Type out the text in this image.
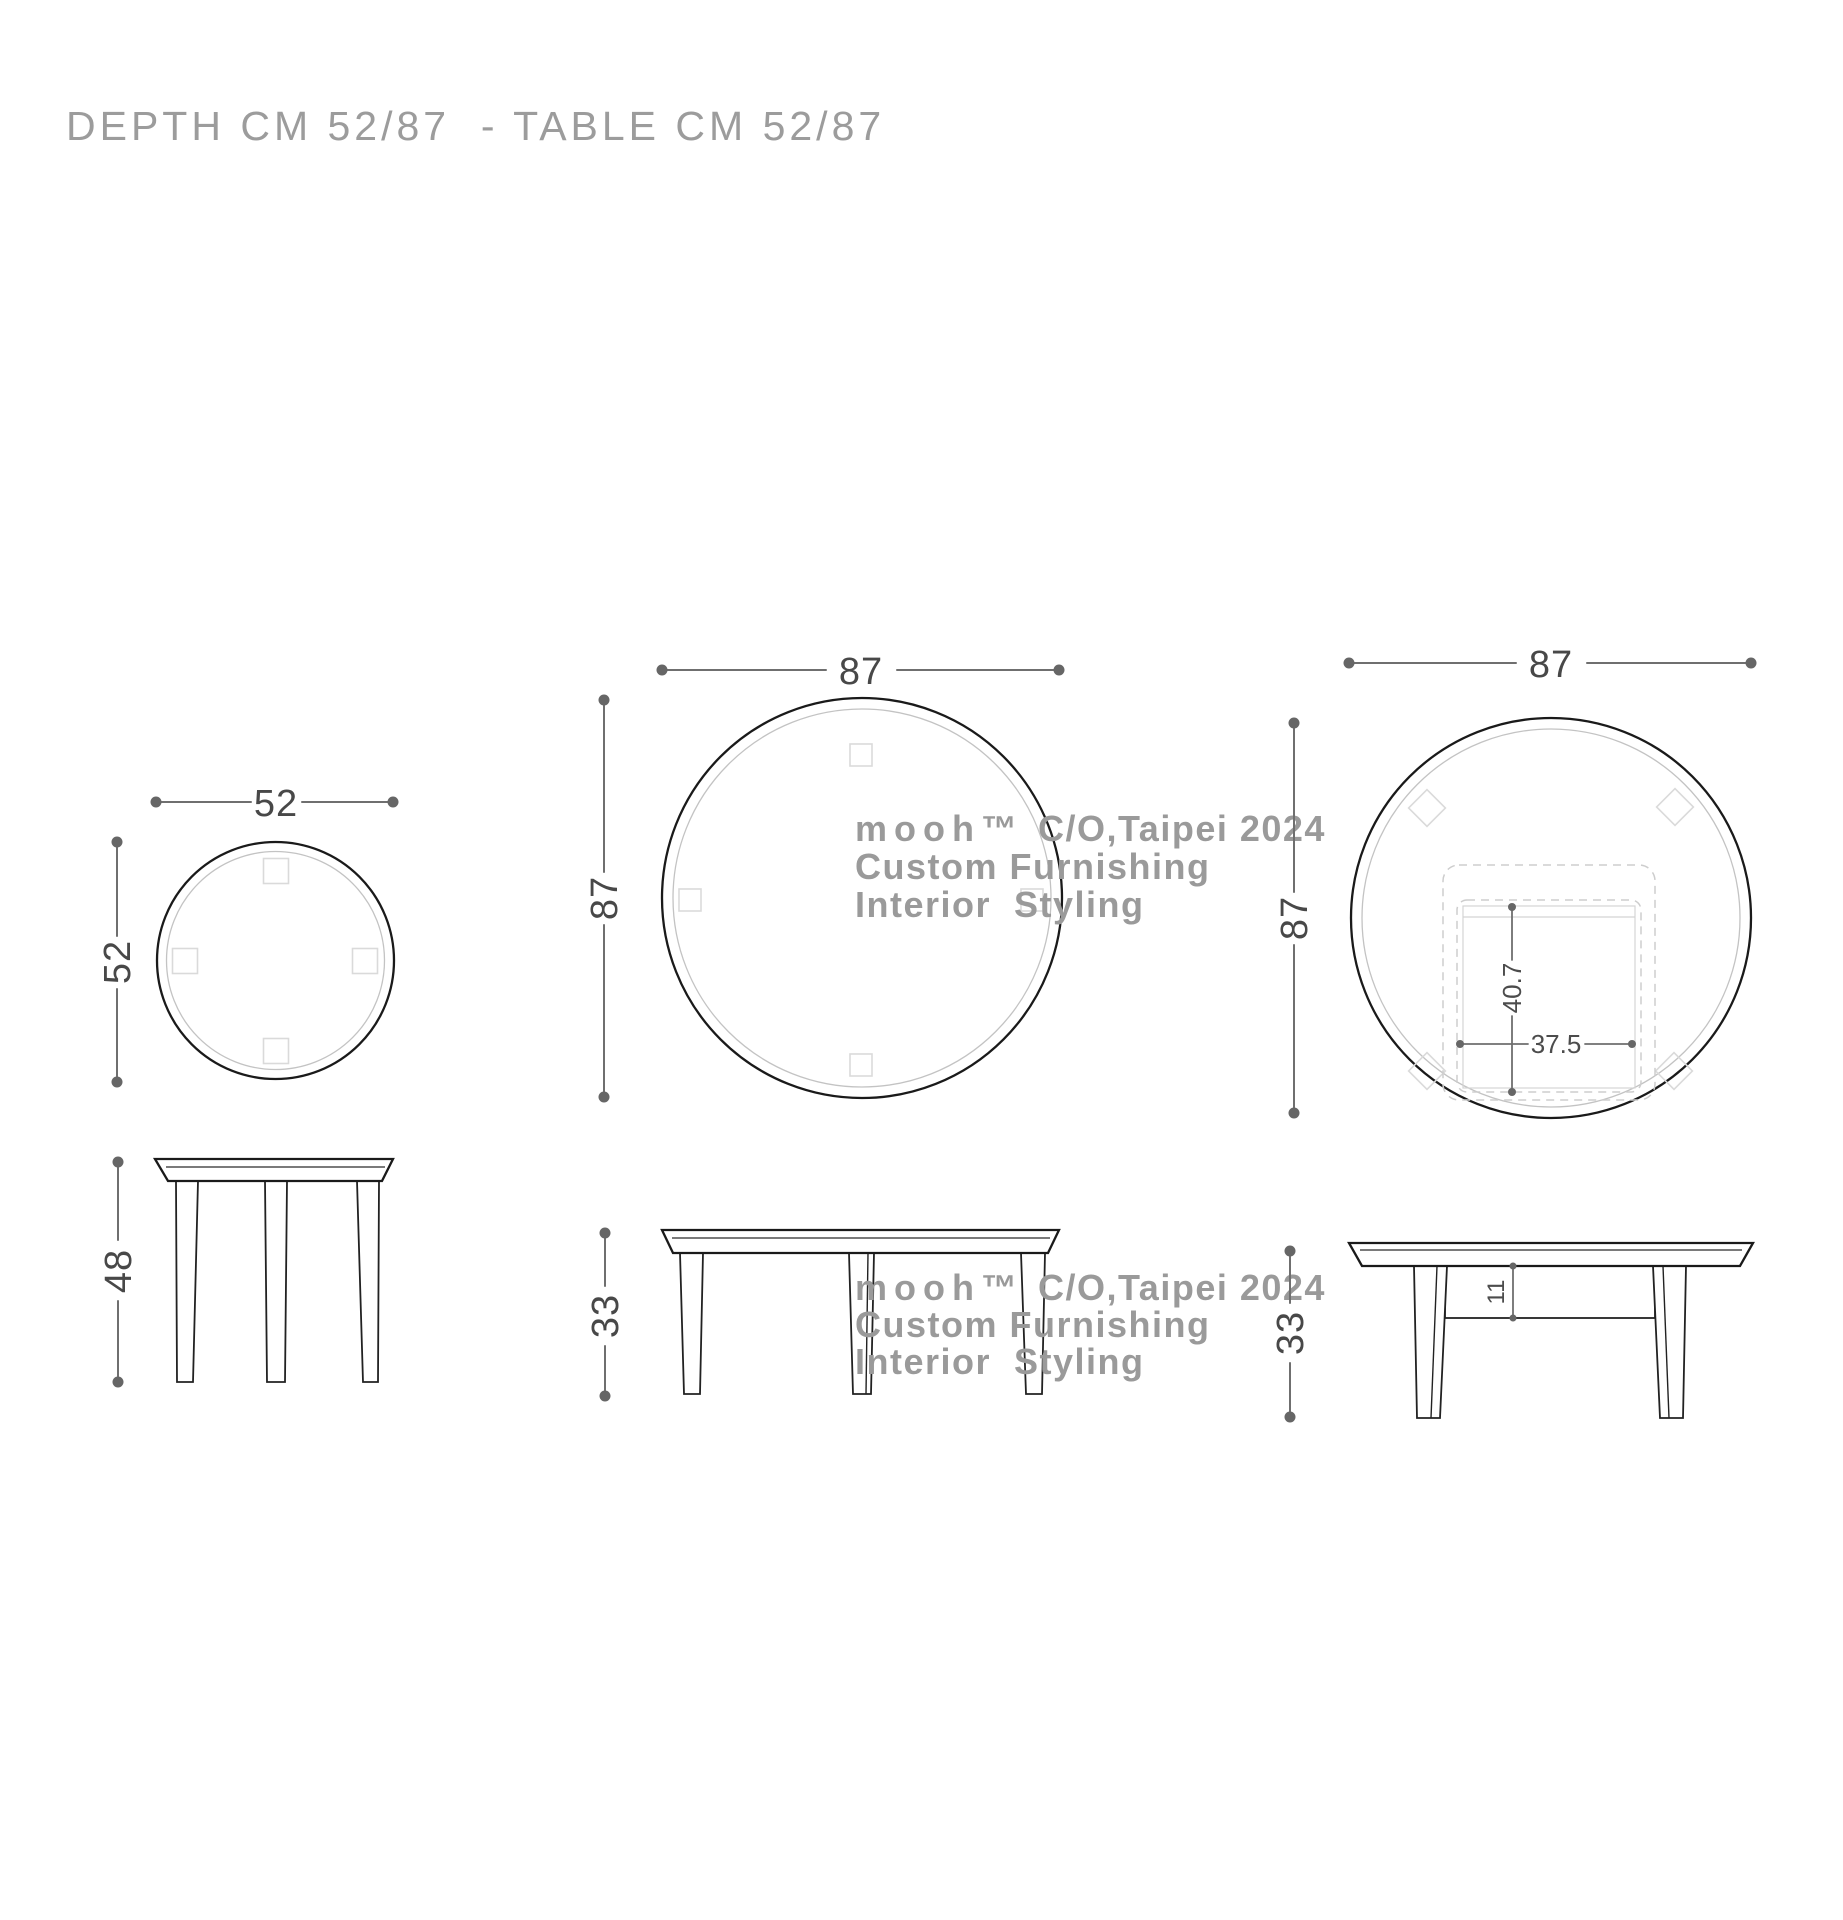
DEPTH CM 52/87  - TABLE CM 52/87
52
52
87
87
mooh™ C/O,Taipei 2024
Custom Furnishing
Interior  Styling
87
87
40.7
37.5
48
33
mooh™ C/O,Taipei 2024
Custom Furnishing
Interior  Styling
33
11
